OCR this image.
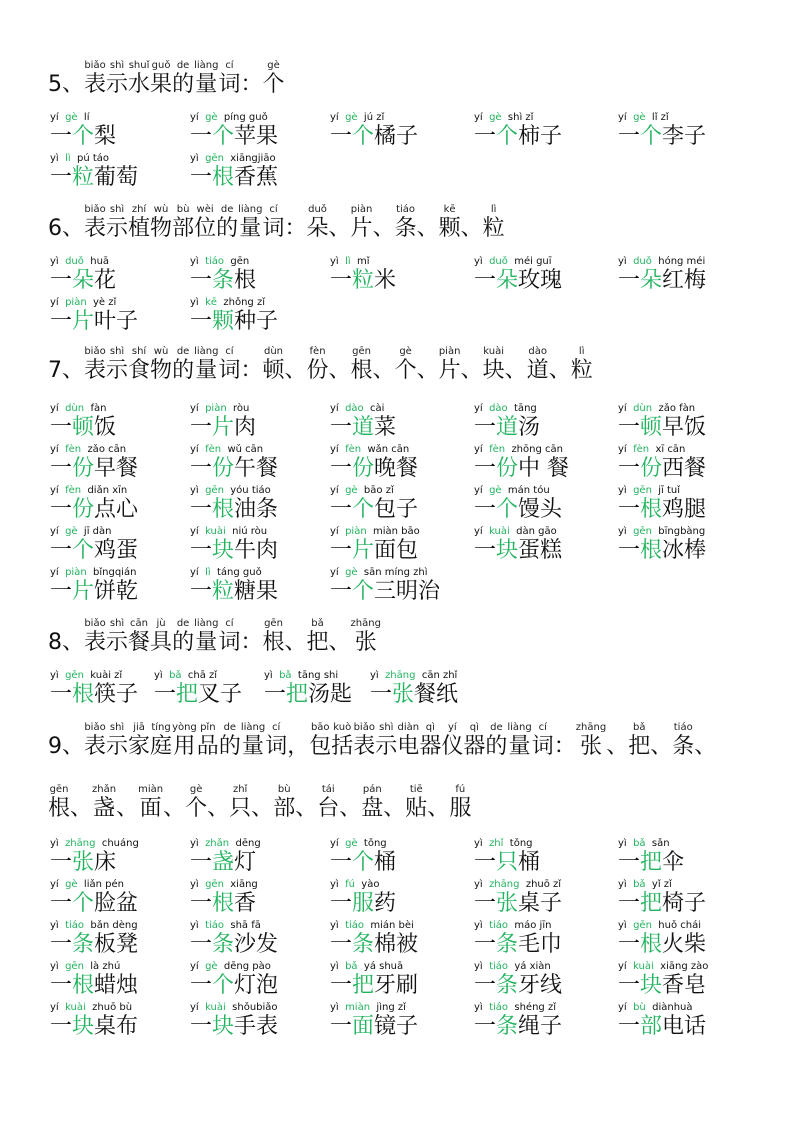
5、
biǎo
表
shì
示
shuǐ
水
guǒ
果
de
的
liàng
量
cí
词 ：
gè
个
yí gè lí
一个梨
yí gè píng guǒ
一个苹果
yí gè jú zǐ
一个橘子
yí gè shì zǐ
一个柿子
yí gè lǐ zǐ
一个李子
yì lì pú táo
一粒葡萄
yì gēn xiāngjiāo
一根香蕉
6、
biǎo
表
shì
示
zhí
植
wù
物
bù
部
wèi
位
de
的
liàng
量
cí
词 ：
duǒ
朵 、
piàn
片 、
tiáo
条 、
kē
颗 、
lì
粒
yì duǒ huā
一朵花
yì tiáo gēn
一条根
yì lì mǐ
一粒米
yì duǒ méi guī
一朵玫瑰
yì duǒ hóng méi
一朵红梅
yí piàn yè zǐ
一片叶子
yì kē zhǒng zǐ
一颗种子
7、
biǎo
表
shì
示
shí
食
wù
物
de
的
liàng
量
cí
词 ：
dùn
顿 、
fèn
份 、
gēn
根 、
gè
个 、
piàn
片 、
kuài
块 、
dào
道 、
lì
粒
yí dùn fàn
一顿饭
yí piàn ròu
一片肉
yí dào cài
一道菜
yí dào tāng
一道汤
yí dùn zǎo fàn
一顿早饭
yí fèn zǎo cān
一份早餐
yí fèn wǔ cān
一份午餐
yí fèn wǎn cān
一份晚餐
yí fèn zhōng cān
一份中 餐
yí fèn xī cān
一份西餐
yí fèn diǎn xīn
一份点心
yì gēn yóu tiáo
一根油条
yí gè bāo zǐ
一个包子
yí gè mán tóu
一个馒头
yì gēn jī tuǐ
一根鸡腿
yí gè jī dàn
一个鸡蛋
yí kuài niú ròu
一块牛肉
yí piàn miàn bāo
一片面包
yí kuài dàn gāo
一块蛋糕
yì gēn bīngbàng
一根冰棒
yí piàn bǐngqián
一片饼乾
yí lì táng guǒ
一粒糖果
yí gè sān míng zhì
一个三明治
8、
biǎo
表
shì
示
cān
餐
jù
具
de
的
liàng
量
cí
词 ：
gēn
根 、
bǎ
把 、
zhāng
张
yì gēn kuài zǐ
一根筷子
yì bǎ chā zǐ
一把叉子
yì bǎ tāng shi
一把汤匙
yì zhāng cān zhǐ
一张餐纸
9、
biǎo
表
shì
示
jiā
家
tíng
庭
yòng
用
pǐn
品
de
的
liàng
量
cí
词 ，
bāo
包
kuò
括
biǎo
表
shì
示
diàn
电
qì
器
yí
仪
qì
器
de
的
liàng
量
cí
词 ：
zhāng
张 、
bǎ
把 、
tiáo
条 、
gēn
根 、
zhǎn
盏 、
miàn
面 、
gè
个 、
zhǐ
只 、
bù
部 、
tái
台 、
pán
盘 、
tiē
贴 、
fú
服
yì zhāng chuáng
一张床
yì zhǎn dēng
一盏灯
yí gè tǒng
一个桶
yì zhǐ tǒng
一只桶
yì bǎ sǎn
一把伞
yí gè liǎn pén
一个脸盆
yì gēn xiāng
一根香
yì fú yào
一服药
yì zhāng zhuō zǐ
一张桌子
yì bǎ yǐ zǐ
一把椅子
yì tiáo bǎn dèng
一条板凳
yì tiáo shā fā
一条沙发
yì tiáo mián bèi
一条棉被
yì tiáo máo jīn
一条毛巾
yì gēn huǒ chái
一根火柴
yì gēn là zhú
一根蜡烛
yí gè dēng pào
一个灯泡
yì bǎ yá shuā
一把牙刷
yì tiáo yá xiàn
一条牙线
yí kuài xiāng zào
一块香皂
yí kuài zhuō bù
一块桌布
yí kuài shǒubiǎo
一块手表
yì miàn jìng zǐ
一面镜子
yì tiáo shéng zǐ
一条绳子
yí bù diànhuà
一部电话
